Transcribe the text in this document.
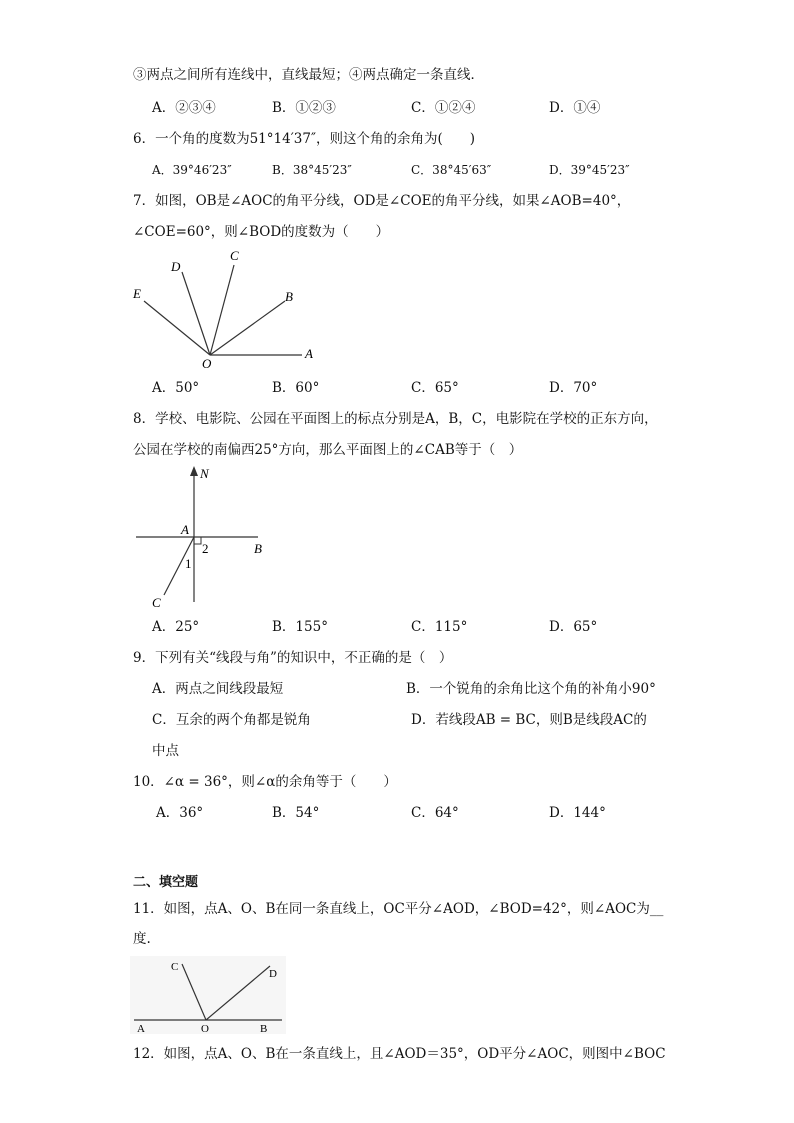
③两点之间所有连线中，直线最短；④两点确定一条直线．
A．②③④	B．①②③	C．①②④	D．①④
6．一个角的度数为51°14′37″，则这个角的余角为(　　)
A．39°46′23″	B．38°45′23″	C．38°45′63″	D．39°45′23″
7．如图，OB是∠AOC的角平分线，OD是∠COE的角平分线，如果∠AOB=40°，
∠COE=60°，则∠BOD的度数为（　　）
D
C
E	B
O
A
A．50°	B．60°	C．65°	D．70°
8．学校、电影院、公园在平面图上的标点分别是A，B，C，电影院在学校的正东方向，
公园在学校的南偏西25°方向，那么平面图上的∠CAB等于（　）
N
A
B
C
1
2
A．25°	B．155°	C．115°	D．65°
9．下列有关“线段与角”的知识中，不正确的是（　）
A．两点之间线段最短	B．一个锐角的余角比这个角的补角小90°
C．互余的两个角都是锐角	D．若线段AB = BC，则B是线段AC的
中点
10．∠α = 36°，则∠α的余角等于（　　）
A．36°	B．54°	C．64°	D．144°
二、填空题
11．如图，点A、O、B在同一条直线上，OC平分∠AOD，∠BOD=42°，则∠AOC为__
度.
C
D
A	O	B
12．如图，点A、O、B在一条直线上，且∠AOD＝35°，OD平分∠AOC，则图中∠BOC
